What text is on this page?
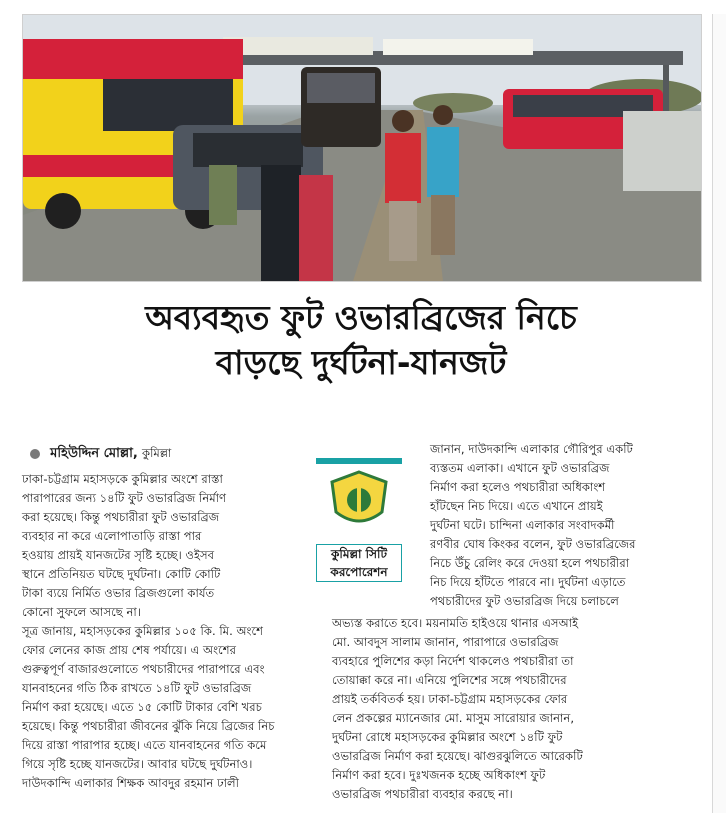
অব্যবহৃত ফুট ওভারব্রিজের নিচে
বাড়ছে দুর্ঘটনা-যানজট
মহিউদ্দিন মোল্লা, কুমিল্লা

ঢাকা-চট্টগ্রাম মহাসড়কে কুমিল্লার অংশে রাস্তা

পারাপারের জন্য ১৪টি ফুট ওভারব্রিজ নির্মাণ

করা হয়েছে। কিন্তু পথচারীরা ফুট ওভারব্রিজ

ব্যবহার না করে এলোপাতাড়ি রাস্তা পার

হওয়ায় প্রায়ই যানজটের সৃষ্টি হচ্ছে। ওইসব

স্থানে প্রতিনিয়ত ঘটছে দুর্ঘটনা। কোটি কোটি

টাকা ব্যয়ে নির্মিত ওভার ব্রিজগুলো কার্যত

কোনো সুফলে আসছে না।

সূত্র জানায়, মহাসড়কের কুমিল্লার ১০৫ কি. মি. অংশে

ফোর লেনের কাজ প্রায় শেষ পর্যায়ে। এ অংশের

গুরুত্বপূর্ণ বাজারগুলোতে পথচারীদের পারাপারে এবং

যানবাহনের গতি ঠিক রাখতে ১৪টি ফুট ওভারব্রিজ

নির্মাণ করা হয়েছে। এতে ১৫ কোটি টাকার বেশি খরচ

হয়েছে। কিন্তু পথচারীরা জীবনের ঝুঁকি নিয়ে ব্রিজের নিচ

দিয়ে রাস্তা পারাপার হচ্ছে। এতে যানবাহনের গতি কমে

গিয়ে সৃষ্টি হচ্ছে যানজটের। আবার ঘটছে দুর্ঘটনাও।

দাউদকান্দি এলাকার শিক্ষক আবদুর রহমান ঢালী

কুমিল্লা সিটি
করপোরেশন

জানান, দাউদকান্দি এলাকার গৌরিপুর একটি

ব্যস্ততম এলাকা। এখানে ফুট ওভারব্রিজ

নির্মাণ করা হলেও পথচারীরা অধিকাংশ

হাঁটছেন নিচ দিয়ে। এতে এখানে প্রায়ই

দুর্ঘটনা ঘটে। চান্দিনা এলাকার সংবাদকর্মী

রণবীর ঘোষ কিংকর বলেন, ফুট ওভারব্রিজের

নিচে উঁচু রেলিং করে দেওয়া হলে পথচারীরা

নিচ দিয়ে হাঁটতে পারবে না। দুর্ঘটনা এড়াতে

পথচারীদের ফুট ওভারব্রিজ দিয়ে চলাচলে

অভ্যস্ত করাতে হবে। ময়নামতি হাইওয়ে থানার এসআই

মো. আবদুস সালাম জানান, পারাপারে ওভারব্রিজ

ব্যবহারে পুলিশের কড়া নির্দেশ থাকলেও পথচারীরা তা

তোয়াক্কা করে না। এনিয়ে পুলিশের সঙ্গে পথচারীদের

প্রায়ই তর্কবিতর্ক হয়। ঢাকা-চট্টগ্রাম মহাসড়কের ফোর

লেন প্রকল্পের ম্যানেজার মো. মাসুম সারোয়ার জানান,

দুর্ঘটনা রোধে মহাসড়কের কুমিল্লার অংশে ১৪টি ফুট

ওভারব্রিজ নির্মাণ করা হয়েছে। ঝাগুরঝুলিতে আরেকটি

নির্মাণ করা হবে। দুঃখজনক হচ্ছে অধিকাংশ ফুট

ওভারব্রিজ পথচারীরা ব্যবহার করছে না।
